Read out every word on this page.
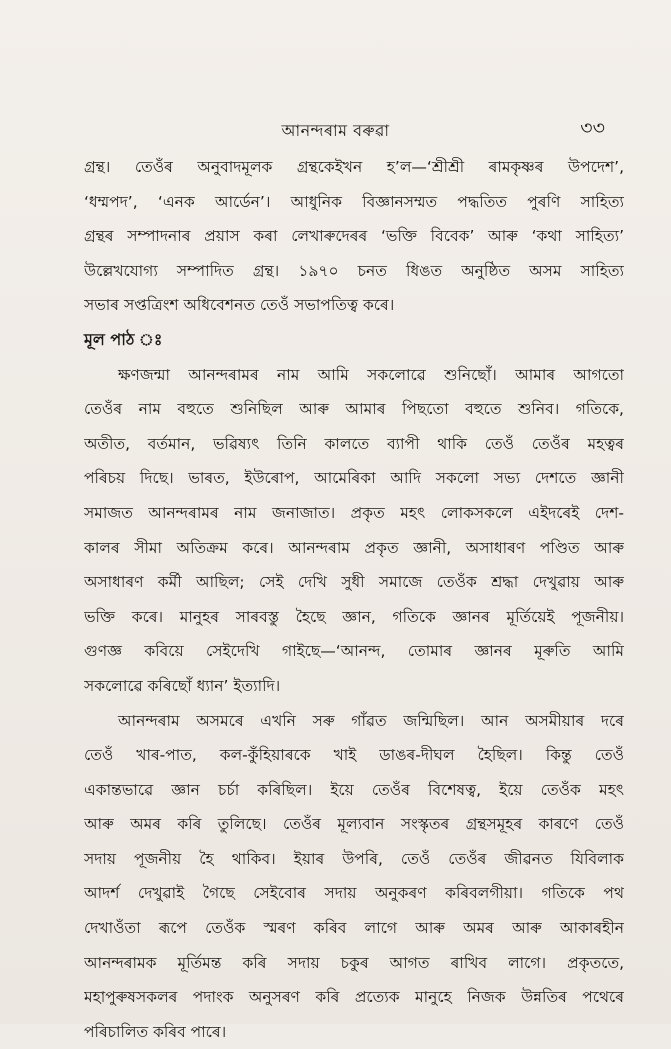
আনন্দৰাম বৰুৱা	৩৩
গ্ৰন্থ। তেওঁৰ অনুবাদমূলক গ্ৰন্থকেইখন হ’ল—‘শ্ৰীশ্ৰী ৰামকৃষ্ণৰ উপদেশ’,
‘ধম্মপদ’, ‘এনক আৰ্ডেন’। আধুনিক বিজ্ঞানসম্মত পদ্ধতিত পুৰণি সাহিত্য
গ্ৰন্থৰ সম্পাদনাৰ প্ৰয়াস কৰা লেখাৰুদেৰৰ ‘ভক্তি বিবেক’ আৰু ‘কথা সাহিত্য’
উল্লেখযোগ্য সম্পাদিত গ্ৰন্থ। ১৯৭০ চনত ধিঙত অনুষ্ঠিত অসম সাহিত্য
সভাৰ সপ্তত্ৰিংশ অধিবেশনত তেওঁ সভাপতিত্ব কৰে।
মূল পাঠ ঃ
ক্ষণজন্মা আনন্দৰামৰ নাম আমি সকলোৱে শুনিছোঁ। আমাৰ আগতো
তেওঁৰ নাম বহুতে শুনিছিল আৰু আমাৰ পিছতো বহুতে শুনিব। গতিকে,
অতীত, বৰ্তমান, ভৱিষ্যৎ তিনি কালতে ব্যাপী থাকি তেওঁ তেওঁৰ মহত্বৰ
পৰিচয় দিছে। ভাৰত, ইউৰোপ, আমেৰিকা আদি সকলো সভ্য দেশতে জ্ঞানী
সমাজত আনন্দৰামৰ নাম জনাজাত। প্ৰকৃত মহৎ লোকসকলে এইদৰেই দেশ-
কালৰ সীমা অতিক্ৰম কৰে। আনন্দৰাম প্ৰকৃত জ্ঞানী, অসাধাৰণ পণ্ডিত আৰু
অসাধাৰণ কৰ্মী আছিল; সেই দেখি সুধী সমাজে তেওঁক শ্ৰদ্ধা দেখুৱায় আৰু
ভক্তি কৰে। মানুহৰ সাৰবস্তু হৈছে জ্ঞান, গতিকে জ্ঞানৰ মূৰ্তিয়েই পূজনীয়।
গুণজ্ঞ কবিয়ে সেইদেখি গাইছে—‘আনন্দ, তোমাৰ জ্ঞানৰ মূৰুতি আমি
সকলোৱে কৰিছোঁ ধ্যান’ ইত্যাদি।
আনন্দৰাম অসমৰে এখনি সৰু গাঁৱত জন্মিছিল। আন অসমীয়াৰ দৰে
তেওঁ খাৰ-পাত, কল-কুঁহিয়াৰকে খাই ডাঙৰ-দীঘল হৈছিল। কিন্তু তেওঁ
একান্তভাৱে জ্ঞান চৰ্চা কৰিছিল। ইয়ে তেওঁৰ বিশেষত্ব, ইয়ে তেওঁক মহৎ
আৰু অমৰ কৰি তুলিছে। তেওঁৰ মূল্যবান সংস্কৃতৰ গ্ৰন্থসমূহৰ কাৰণে তেওঁ
সদায় পূজনীয় হৈ থাকিব। ইয়াৰ উপৰি, তেওঁ তেওঁৰ জীৱনত যিবিলাক
আদৰ্শ দেখুৱাই গৈছে সেইবোৰ সদায় অনুকৰণ কৰিবলগীয়া। গতিকে পথ
দেখাওঁতা ৰূপে তেওঁক স্মৰণ কৰিব লাগে আৰু অমৰ আৰু আকাৰহীন
আনন্দৰামক মূৰ্তিমন্ত কৰি সদায় চকুৰ আগত ৰাখিব লাগে। প্ৰকৃততে,
মহাপুৰুষসকলৰ পদাংক অনুসৰণ কৰি প্ৰত্যেক মানুহে নিজক উন্নতিৰ পথেৰে
পৰিচালিত কৰিব পাৰে।
